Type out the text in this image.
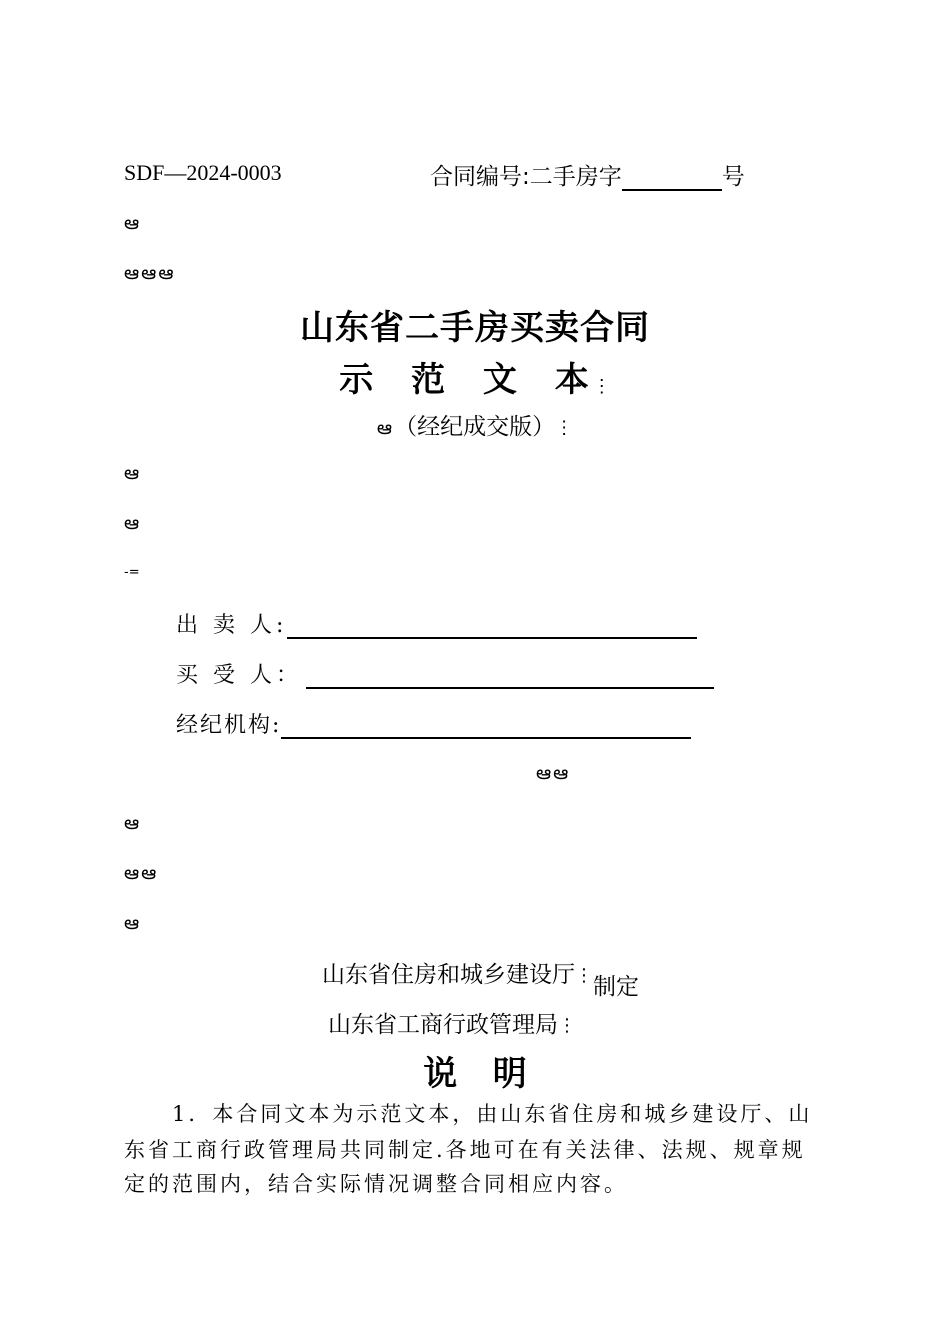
SDF—2024-0003	合同编号:二手房字	号
ఆ
ఆఆఆ
山东省二手房买卖合同
示 范 文 本⋮
ఆ（经纪成交版）⋮
ఆ
ఆ
-=
出 卖 人:
买 受 人：
经纪机构:
ఆఆ
ఆ
ఆఆ
ఆ
山东省住房和城乡建设厅⋮制定
山东省工商行政管理局⋮
说   明
1．本合同文本为示范文本，由山东省住房和城乡建设厅、山
东省工商行政管理局共同制定.各地可在有关法律、法规、规章规
定的范围内，结合实际情况调整合同相应内容。
